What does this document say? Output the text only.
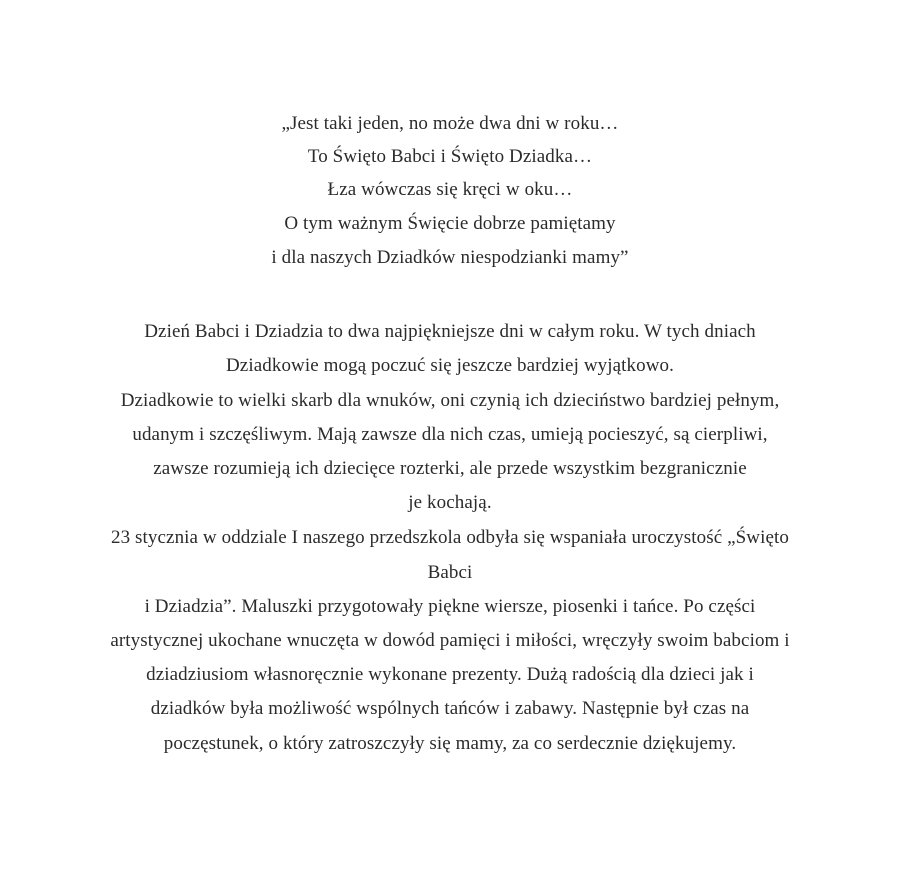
„Jest taki jeden, no może dwa dni w roku…
To Święto Babci i Święto Dziadka…
Łza wówczas się kręci w oku…
O tym ważnym Święcie dobrze pamiętamy
i dla naszych Dziadków niespodzianki mamy”
Dzień Babci i Dziadzia to dwa najpiękniejsze dni w całym roku. W tych dniach
Dziadkowie mogą poczuć się jeszcze bardziej wyjątkowo.
Dziadkowie to wielki skarb dla wnuków, oni czynią ich dzieciństwo bardziej pełnym,
udanym i szczęśliwym. Mają zawsze dla nich czas, umieją pocieszyć, są cierpliwi,
zawsze rozumieją ich dziecięce rozterki, ale przede wszystkim bezgranicznie
je kochają.
23 stycznia w oddziale I naszego przedszkola odbyła się wspaniała uroczystość „Święto
Babci
i Dziadzia”. Maluszki przygotowały piękne wiersze, piosenki i tańce. Po części
artystycznej ukochane wnuczęta w dowód pamięci i miłości, wręczyły swoim babciom i
dziadziusiom własnoręcznie wykonane prezenty. Dużą radością dla dzieci jak i
dziadków była możliwość wspólnych tańców i zabawy. Następnie był czas na
poczęstunek, o który zatroszczyły się mamy, za co serdecznie dziękujemy.
